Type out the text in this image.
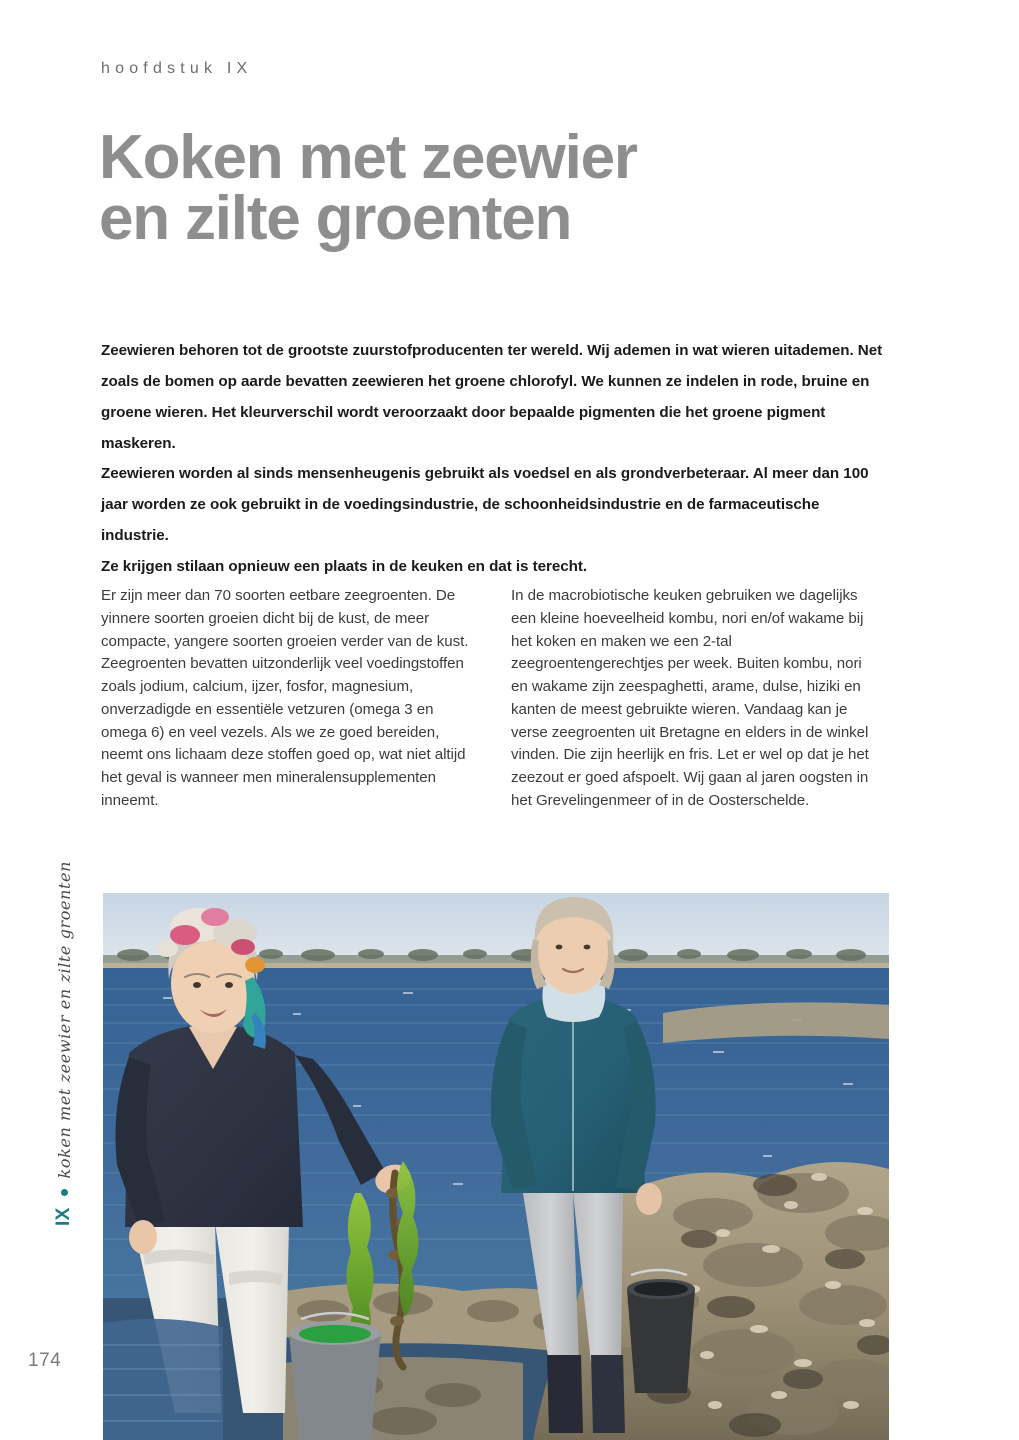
hoofdstuk IX
Koken met zeewier
en zilte groenten

Zeewieren behoren tot de grootste zuurstofproducenten ter wereld. Wij ademen in wat wieren uitademen. Net zoals de bomen op aarde bevatten zeewieren het groene chlorofyl. We kunnen ze indelen in rode, bruine en groene wieren. Het kleurverschil wordt veroorzaakt door bepaalde pigmenten die het groene pigment maskeren.

Zeewieren worden al sinds mensenheugenis gebruikt als voedsel en als grondverbeteraar. Al meer dan 100 jaar worden ze ook gebruikt in de voedingsindustrie, de schoonheidsindustrie en de farmaceutische industrie.

Ze krijgen stilaan opnieuw een plaats in de keuken en dat is terecht.

Er zijn meer dan 70 soorten eetbare zeegroenten. De yinnere soorten groeien dicht bij de kust, de meer compacte, yangere soorten groeien verder van de kust. Zeegroenten bevatten uitzonderlijk veel voedingstoffen zoals jodium, calcium, ijzer, fosfor, magnesium, onverzadigde en essentiële vetzuren (omega 3 en omega 6) en veel vezels. Als we ze goed bereiden, neemt ons lichaam deze stoffen goed op, wat niet altijd het geval is wanneer men mineralensupplementen inneemt.

In de macrobiotische keuken gebruiken we dagelijks een kleine hoeveelheid kombu, nori en/of wakame bij het koken en maken we een 2-tal zeegroentengerechtjes per week. Buiten kombu, nori en wakame zijn zeespaghetti, arame, dulse, hiziki en kanten de meest gebruikte wieren. Vandaag kan je verse zeegroenten uit Bretagne en elders in de winkel vinden. Die zijn heerlijk en fris. Let er wel op dat je het zeezout er goed afspoelt. Wij gaan al jaren oogsten in het Grevelingenmeer of in de Oosterschelde.

IX
koken met zeewier en zilte groenten
174
